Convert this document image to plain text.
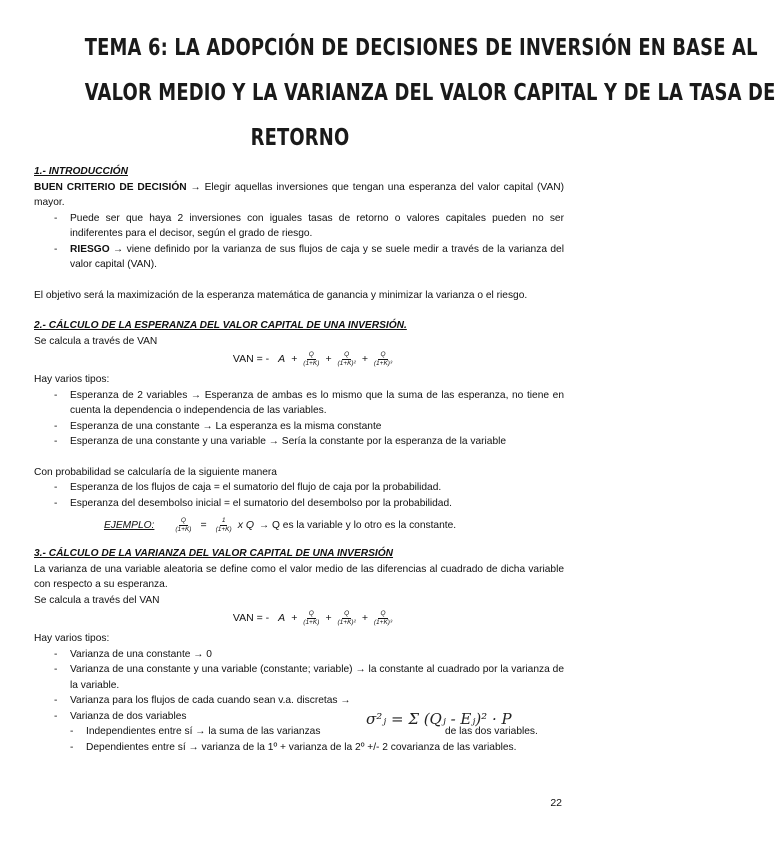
TEMA 6: LA ADOPCIÓN DE DECISIONES DE INVERSIÓN EN BASE AL
VALOR MEDIO Y LA VARIANZA DEL VALOR CAPITAL Y DE LA TASA DE
RETORNO

1.- INTRODUCCIÓN

BUEN CRITERIO DE DECISIÓN → Elegir aquellas inversiones que tengan una esperanza del valor capital (VAN) mayor.

- Puede ser que haya 2 inversiones con iguales tasas de retorno o valores capitales pueden no ser indiferentes para el decisor, según el grado de riesgo.
- RIESGO → viene definido por la varianza de sus flujos de caja y se suele medir a través de la varianza del valor capital (VAN).

El objetivo será la maximización de la esperanza matemática de ganancia y minimizar la varianza o el riesgo.

2.- CÁLCULO DE LA ESPERANZA DEL VALOR CAPITAL DE UNA INVERSIÓN.

Se calcula a través de VAN

VAN = - $A + \frac{Q}{(1+K)} + \frac{Q}{\text{(1+K)²}} + \frac{Q}{\text{(1+K)³}}$

Hay varios tipos:

- Esperanza de 2 variables → Esperanza de ambas es lo mismo que la suma de las esperanza, no tiene en cuenta la dependencia o independencia de las variables.
- Esperanza de una constante → La esperanza es la misma constante
- Esperanza de una constante y una variable → Sería la constante por la esperanza de la variable

Con probabilidad se calcularía de la siguiente manera

- Esperanza de los flujos de caja = el sumatorio del flujo de caja por la probabilidad.
- Esperanza del desembolso inicial = el sumatorio del desembolso por la probabilidad.
EJEMPLO:	$\frac{Q}{(1+K)} = \frac{1}{(1+K)}$ x Q → Q es la variable y lo otro es la constante.

3.- CÁLCULO DE LA VARIANZA DEL VALOR CAPITAL DE UNA INVERSIÓN

La varianza de una variable aleatoria se define como el valor medio de las diferencias al cuadrado de dicha variable con respecto a su esperanza.

Se calcula a través del VAN

VAN = - $A + \frac{Q}{(1+K)} + \frac{Q}{\text{(1+K)²}} + \frac{Q}{\text{(1+K)³}}$

Hay varios tipos:

- Varianza de una constante → 0
- Varianza de una constante y una variable (constante; variable) → la constante al cuadrado por la varianza de la variable.
- Varianza para los flujos de cada cuando sean v.a. discretas →
- Varianza de dos variables
- Independientes entre sí → la suma de las varianzas                                            de las dos variables.
- Dependientes entre sí → varianza de la 1º + varianza de la 2º +/- 2 covarianza de las variables.
σ²ⱼ = Σ (Qⱼ - Eⱼ)² · P
22
